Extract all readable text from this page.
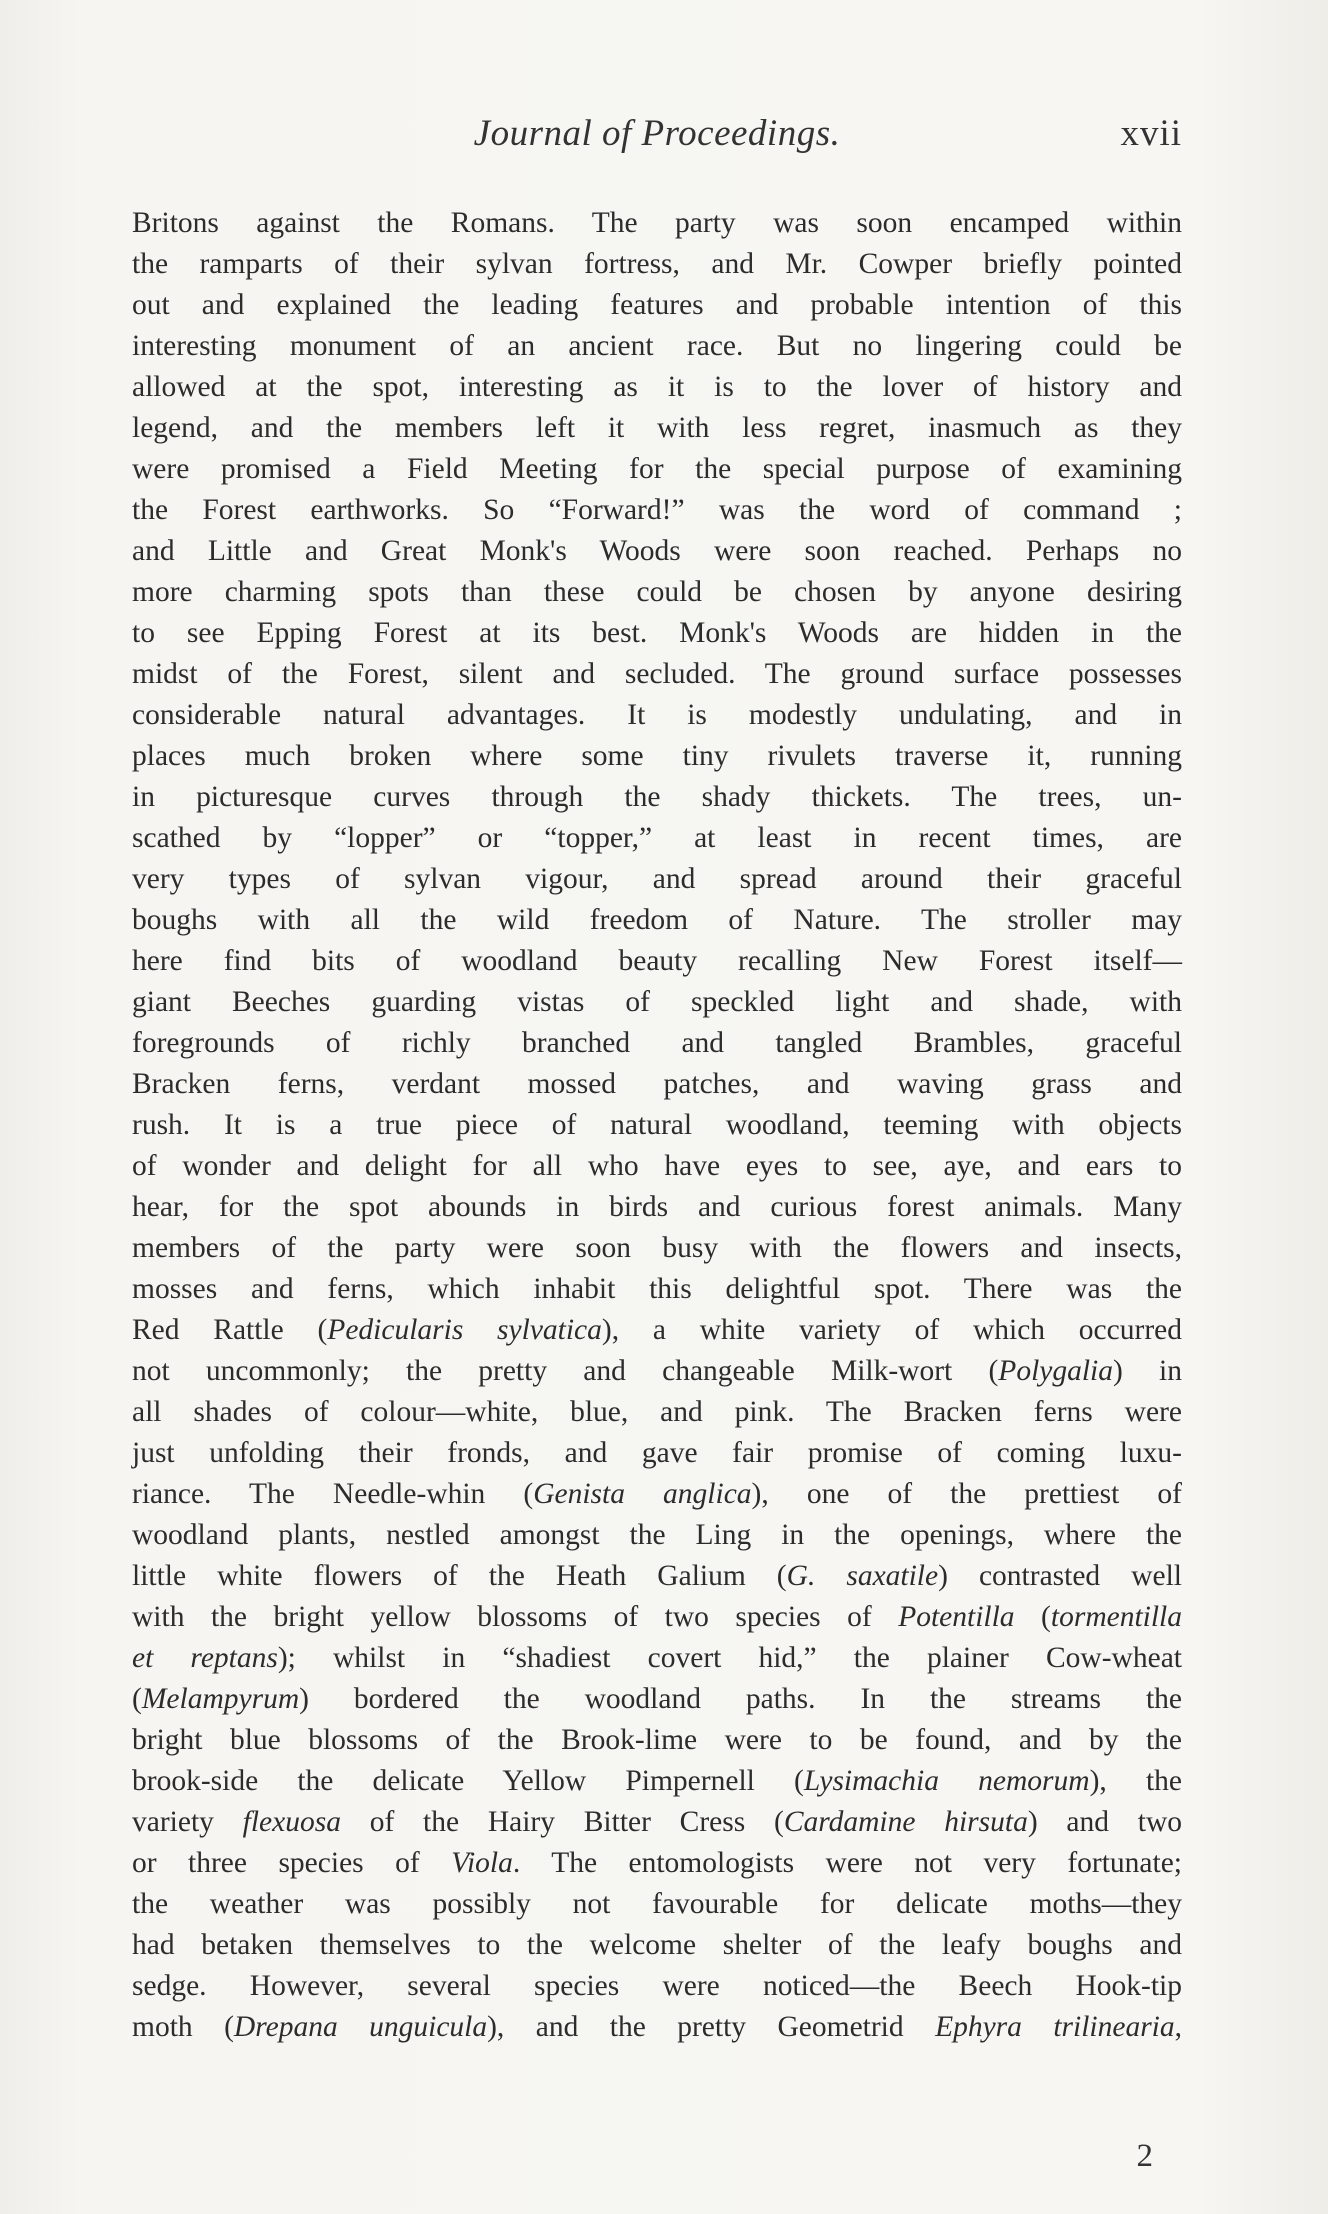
Journal of Proceedings.	xvii
Britons against the Romans. The party was soon encamped within
the ramparts of their sylvan fortress, and Mr. Cowper briefly pointed
out and explained the leading features and probable intention of this
interesting monument of an ancient race. But no lingering could be
allowed at the spot, interesting as it is to the lover of history and
legend, and the members left it with less regret, inasmuch as they
were promised a Field Meeting for the special purpose of examining
the Forest earthworks. So “Forward!” was the word of command ;
and Little and Great Monk's Woods were soon reached. Perhaps no
more charming spots than these could be chosen by anyone desiring
to see Epping Forest at its best. Monk's Woods are hidden in the
midst of the Forest, silent and secluded. The ground surface possesses
considerable natural advantages. It is modestly undulating, and in
places much broken where some tiny rivulets traverse it, running
in picturesque curves through the shady thickets. The trees, un-
scathed by “lopper” or “topper,” at least in recent times, are
very types of sylvan vigour, and spread around their graceful
boughs with all the wild freedom of Nature. The stroller may
here find bits of woodland beauty recalling New Forest itself—
giant Beeches guarding vistas of speckled light and shade, with
foregrounds of richly branched and tangled Brambles, graceful
Bracken ferns, verdant mossed patches, and waving grass and
rush. It is a true piece of natural woodland, teeming with objects
of wonder and delight for all who have eyes to see, aye, and ears to
hear, for the spot abounds in birds and curious forest animals. Many
members of the party were soon busy with the flowers and insects,
mosses and ferns, which inhabit this delightful spot. There was the
Red Rattle (Pedicularis sylvatica), a white variety of which occurred
not uncommonly; the pretty and changeable Milk-wort (Polygalia) in
all shades of colour—white, blue, and pink. The Bracken ferns were
just unfolding their fronds, and gave fair promise of coming luxu-
riance. The Needle-whin (Genista anglica), one of the prettiest of
woodland plants, nestled amongst the Ling in the openings, where the
little white flowers of the Heath Galium (G. saxatile) contrasted well
with the bright yellow blossoms of two species of Potentilla (tormentilla
et reptans); whilst in “shadiest covert hid,” the plainer Cow-wheat
(Melampyrum) bordered the woodland paths. In the streams the
bright blue blossoms of the Brook-lime were to be found, and by the
brook-side the delicate Yellow Pimpernell (Lysimachia nemorum), the
variety flexuosa of the Hairy Bitter Cress (Cardamine hirsuta) and two
or three species of Viola. The entomologists were not very fortunate;
the weather was possibly not favourable for delicate moths—they
had betaken themselves to the welcome shelter of the leafy boughs and
sedge. However, several species were noticed—the Beech Hook-tip
moth (Drepana unguicula), and the pretty Geometrid Ephyra trilinearia,
2
